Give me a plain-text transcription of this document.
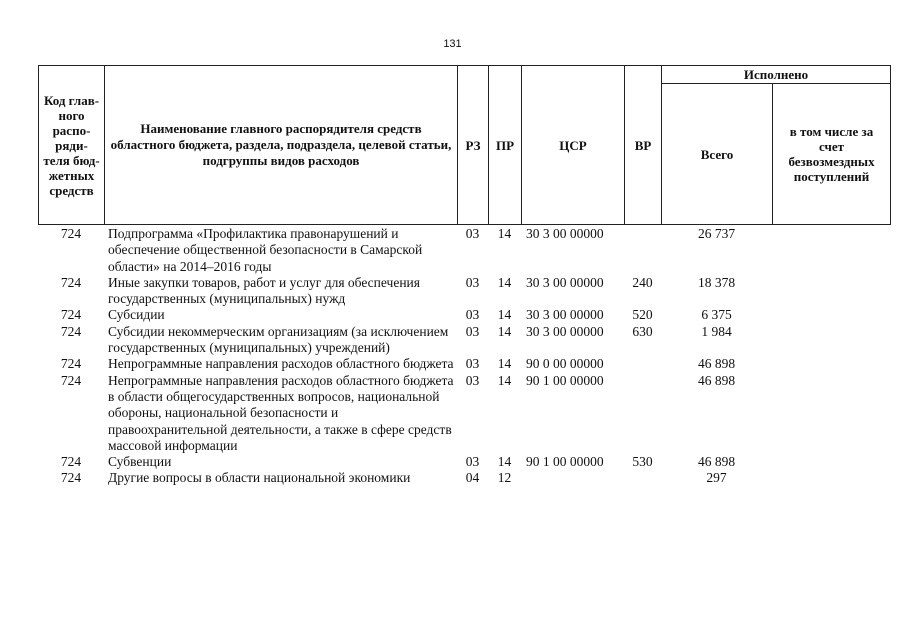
131
Код глав-ного распо-ряди-теля бюд-жетных средств	Наименование главного распорядителя средств областного бюджета, раздела, подраздела, целевой статьи, подгруппы видов расходов	РЗ	ПР	ЦСР	ВР	Исполнено	
						Всего	в том числе за счет безвозмездных поступлений
724	Подпрограмма «Профилактика правонарушений и обеспечение общественной безопасности в Самарской области» на 2014–2016 годы	03	14	30 3 00 00000		26 737	
724	Иные закупки товаров, работ и услуг для обеспечения государственных (муниципальных) нужд	03	14	30 3 00 00000	240	18 378	
724	Субсидии	03	14	30 3 00 00000	520	6 375	
724	Субсидии некоммерческим организациям (за исключением государственных (муниципальных) учреждений)	03	14	30 3 00 00000	630	1 984	
724	Непрограммные направления расходов областного бюджета	03	14	90 0 00 00000		46 898	
724	Непрограммные направления расходов областного бюджета в области общегосударственных вопросов, национальной обороны, национальной безопасности и правоохранительной деятельности, а также в сфере средств массовой информации	03	14	90 1 00 00000		46 898	
724	Субвенции	03	14	90 1 00 00000	530	46 898	
724	Другие вопросы в области национальной экономики	04	12			297	
